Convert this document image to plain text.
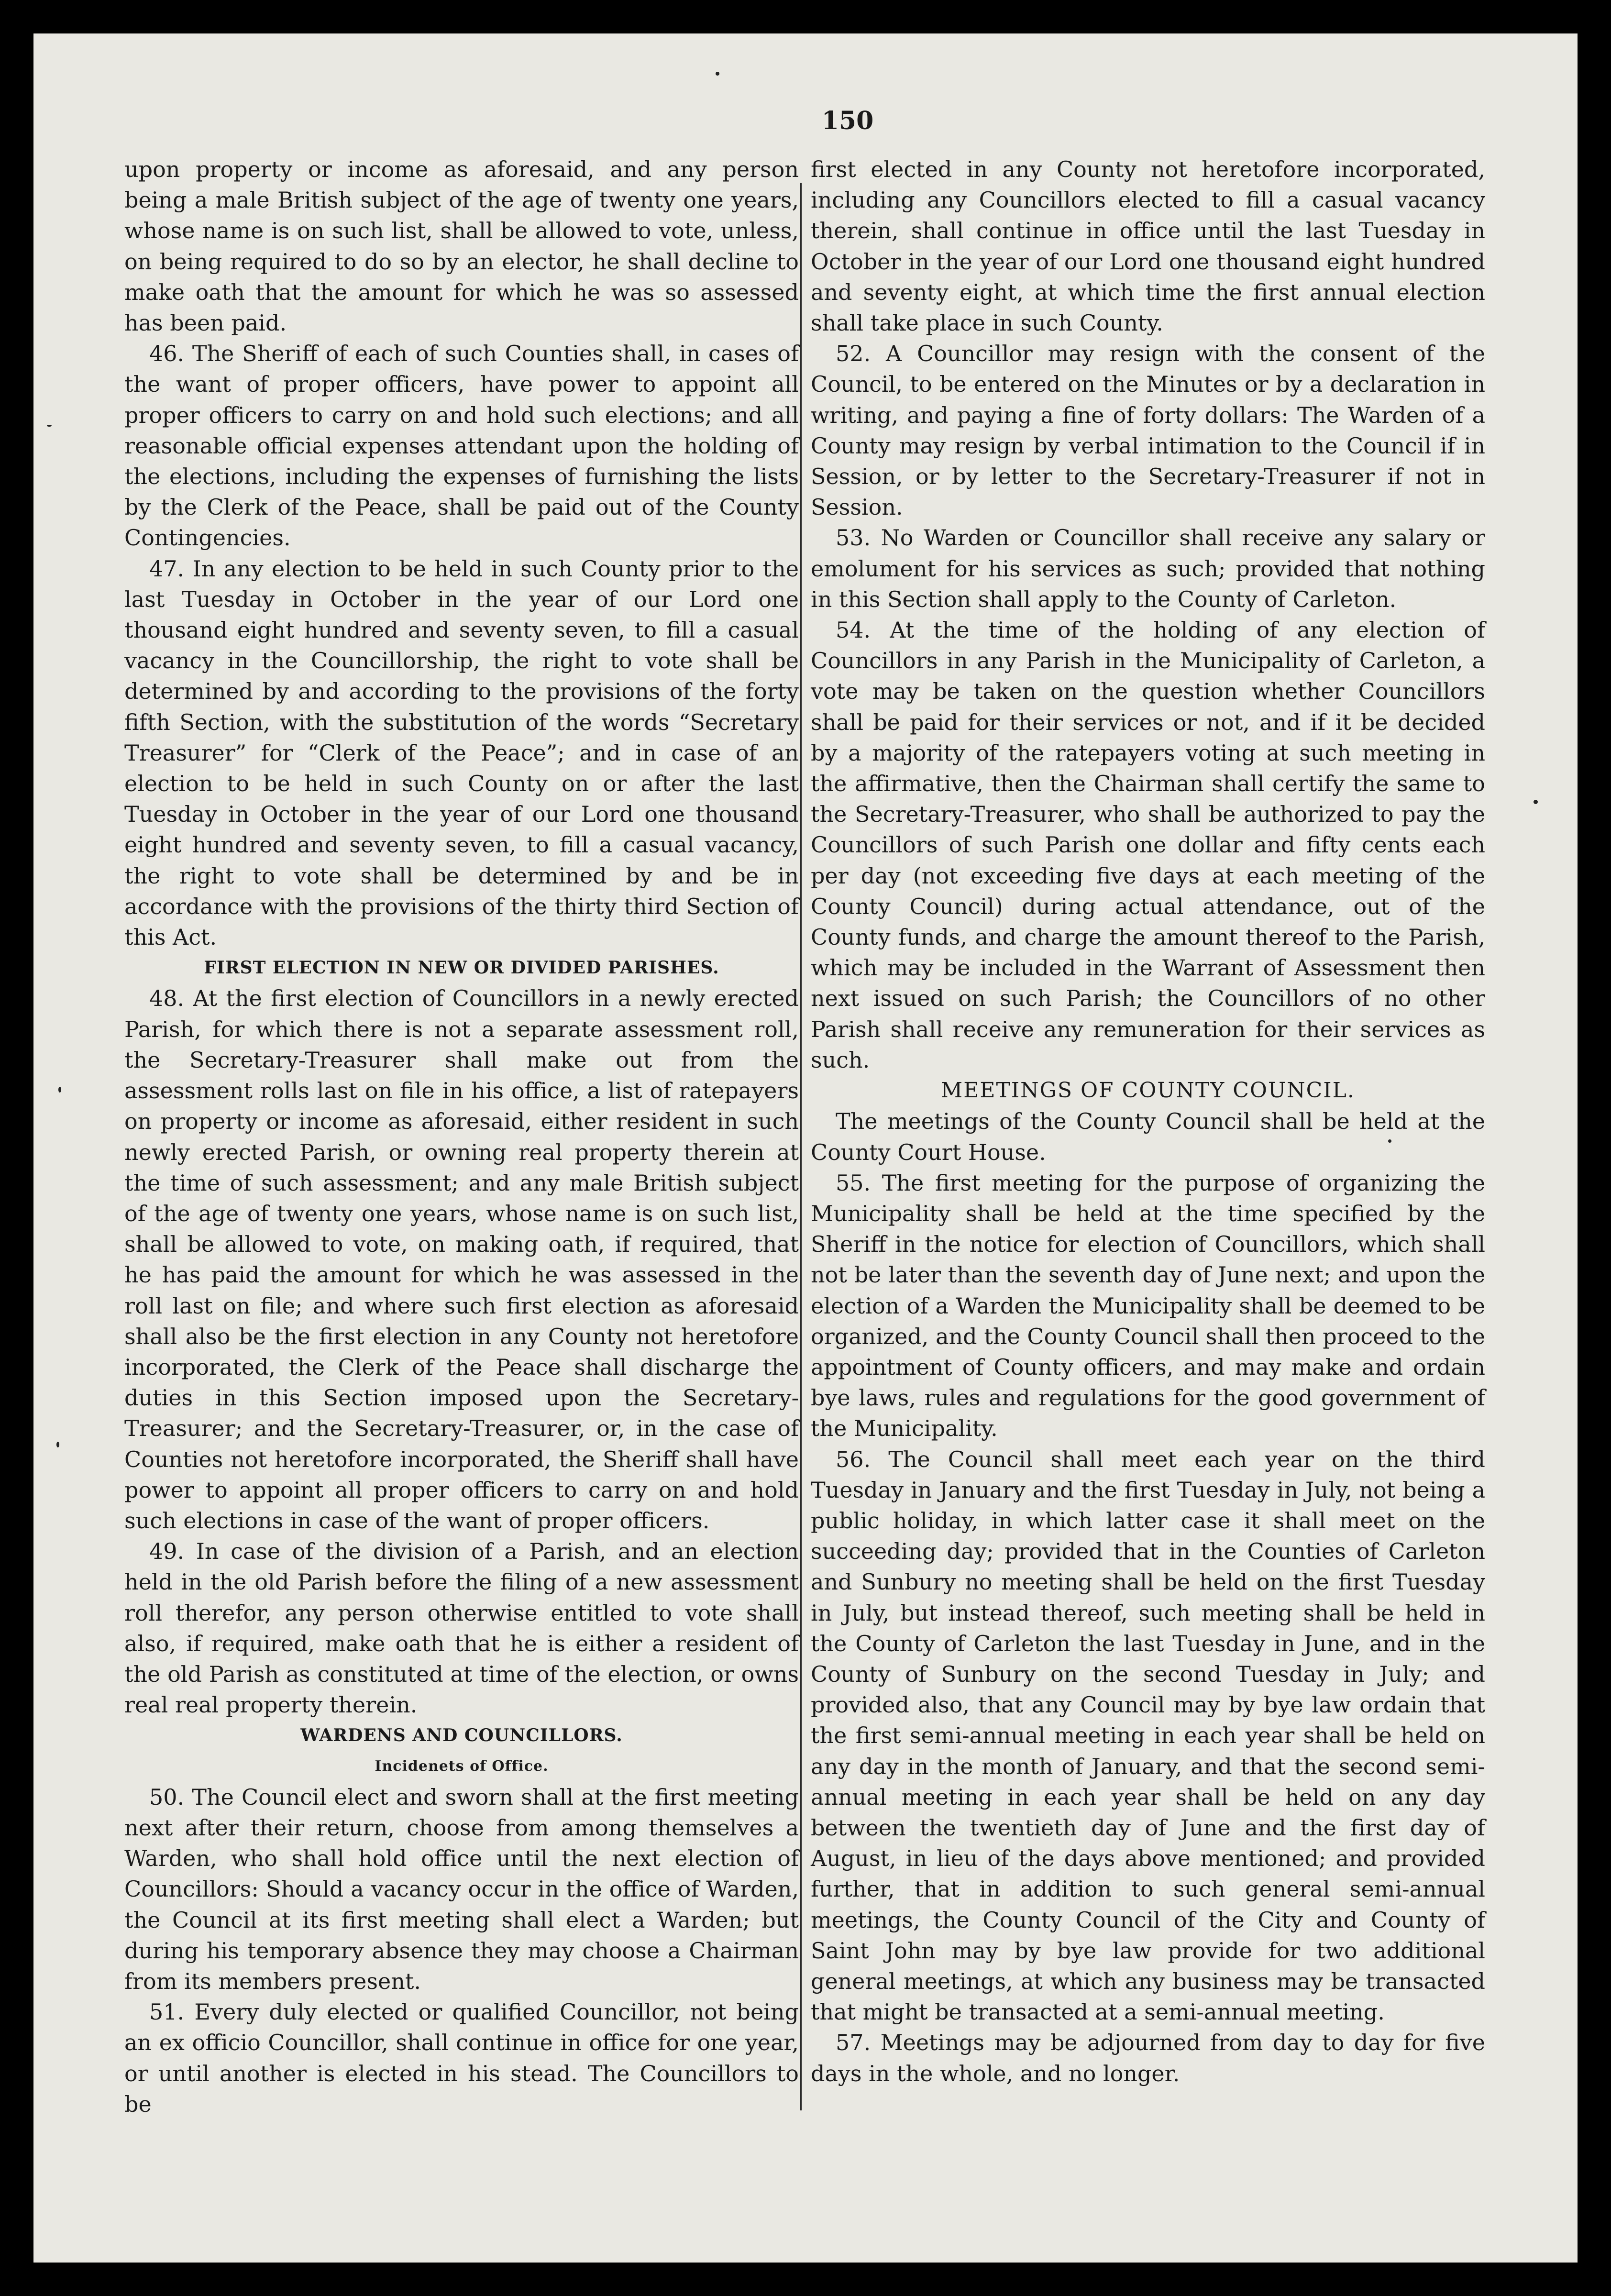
150

upon property or income as aforesaid, and any person being a male British subject of the age of twenty one years, whose name is on such list, shall be allowed to vote, unless, on being required to do so by an elector, he shall decline to make oath that the amount for which he was so assessed has been paid.

46. The Sheriff of each of such Counties shall, in cases of the want of proper officers, have power to appoint all proper officers to carry on and hold such elections; and all reasonable official expenses attendant upon the holding of the elections, including the expenses of furnishing the lists by the Clerk of the Peace, shall be paid out of the County Contingencies.

47. In any election to be held in such County prior to the last Tuesday in October in the year of our Lord one thousand eight hundred and seventy seven, to fill a casual vacancy in the Councillorship, the right to vote shall be determined by and according to the provisions of the forty fifth Section, with the substitution of the words “Secretary Treasurer” for “Clerk of the Peace”; and in case of an election to be held in such County on or after the last Tuesday in October in the year of our Lord one thousand eight hundred and seventy seven, to fill a casual vacancy, the right to vote shall be determined by and be in accordance with the provisions of the thirty third Section of this Act.

FIRST ELECTION IN NEW OR DIVIDED PARISHES.

48. At the first election of Councillors in a newly erected Parish, for which there is not a separate assessment roll, the Secretary-Treasurer shall make out from the assessment rolls last on file in his office, a list of ratepayers on property or income as aforesaid, either resident in such newly erected Parish, or owning real property therein at the time of such assessment; and any male British subject of the age of twenty one years, whose name is on such list, shall be allowed to vote, on making oath, if required, that he has paid the amount for which he was assessed in the roll last on file; and where such first election as aforesaid shall also be the first election in any County not heretofore incorporated, the Clerk of the Peace shall discharge the duties in this Section imposed upon the Secretary-Treasurer; and the Secretary-Treasurer, or, in the case of Counties not heretofore incorporated, the Sheriff shall have power to appoint all proper officers to carry on and hold such elections in case of the want of proper officers.

49. In case of the division of a Parish, and an election held in the old Parish before the filing of a new assessment roll therefor, any person otherwise entitled to vote shall also, if required, make oath that he is either a resident of the old Parish as constituted at time of the election, or owns real real property therein.

WARDENS AND COUNCILLORS.

Incidenets of Office.

50. The Council elect and sworn shall at the first meeting next after their return, choose from among themselves a Warden, who shall hold office until the next election of Councillors: Should a vacancy occur in the office of Warden, the Council at its first meeting shall elect a Warden; but during his temporary absence they may choose a Chairman from its members present.

51. Every duly elected or qualified Councillor, not being an ex officio Councillor, shall continue in office for one year, or until another is elected in his stead. The Councillors to be

first elected in any County not heretofore incorporated, including any Councillors elected to fill a casual vacancy therein, shall continue in office until the last Tuesday in October in the year of our Lord one thousand eight hundred and seventy eight, at which time the first annual election shall take place in such County.

52. A Councillor may resign with the consent of the Council, to be entered on the Minutes or by a declaration in writing, and paying a fine of forty dollars: The Warden of a County may resign by verbal intimation to the Council if in Session, or by letter to the Secretary-Treasurer if not in Session.

53. No Warden or Councillor shall receive any salary or emolument for his services as such; provided that nothing in this Section shall apply to the County of Carleton.

54. At the time of the holding of any election of Councillors in any Parish in the Municipality of Carleton, a vote may be taken on the question whether Councillors shall be paid for their services or not, and if it be decided by a majority of the ratepayers voting at such meeting in the affirmative, then the Chairman shall certify the same to the Secretary-Treasurer, who shall be authorized to pay the Councillors of such Parish one dollar and fifty cents each per day (not exceeding five days at each meeting of the County Council) during actual attendance, out of the County funds, and charge the amount thereof to the Parish, which may be included in the Warrant of Assessment then next issued on such Parish; the Councillors of no other Parish shall receive any remuneration for their services as such.

MEETINGS OF COUNTY COUNCIL.

The meetings of the County Council shall be held at the County Court House.

55. The first meeting for the purpose of organizing the Municipality shall be held at the time specified by the Sheriff in the notice for election of Councillors, which shall not be later than the seventh day of June next; and upon the election of a Warden the Municipality shall be deemed to be organized, and the County Council shall then proceed to the appointment of County officers, and may make and ordain bye laws, rules and regulations for the good government of the Municipality.

56. The Council shall meet each year on the third Tuesday in January and the first Tuesday in July, not being a public holiday, in which latter case it shall meet on the succeeding day; provided that in the Counties of Carleton and Sunbury no meeting shall be held on the first Tuesday in July, but instead thereof, such meeting shall be held in the County of Carleton the last Tuesday in June, and in the County of Sunbury on the second Tuesday in July; and provided also, that any Council may by bye law ordain that the first semi-annual meeting in each year shall be held on any day in the month of January, and that the second semi-annual meeting in each year shall be held on any day between the twentieth day of June and the first day of August, in lieu of the days above mentioned; and provided further, that in addition to such general semi-annual meetings, the County Council of the City and County of Saint John may by bye law provide for two additional general meetings, at which any business may be transacted that might be transacted at a semi-annual meeting.

57. Meetings may be adjourned from day to day for five days in the whole, and no longer.
